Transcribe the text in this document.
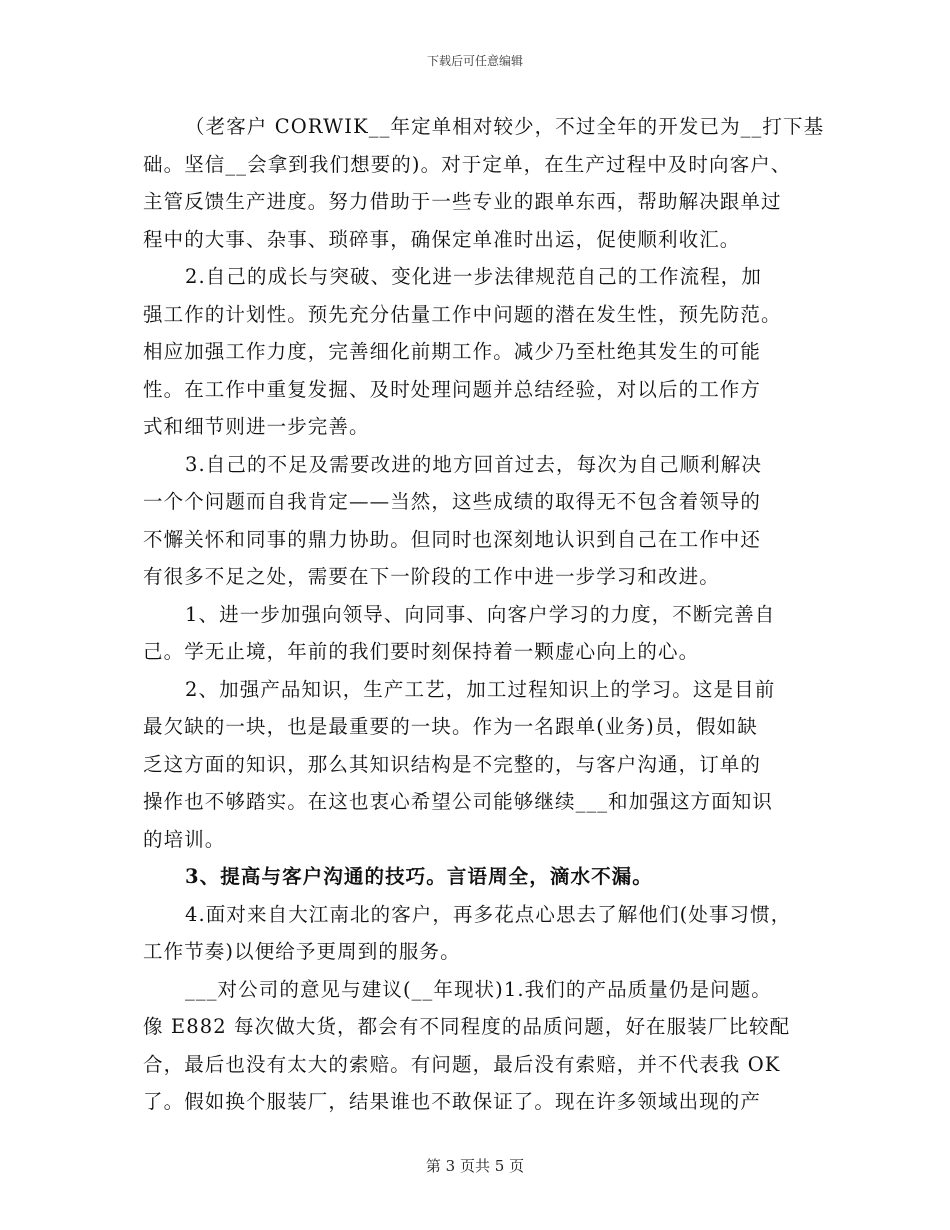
下载后可任意编辑
（老客户 CORWIK__年定单相对较少，不过全年的开发已为__打下基
础。坚信__会拿到我们想要的)。对于定单，在生产过程中及时向客户、
主管反馈生产进度。努力借助于一些专业的跟单东西，帮助解决跟单过
程中的大事、杂事、琐碎事，确保定单准时出运，促使顺利收汇。
2.自己的成长与突破、变化进一步法律规范自己的工作流程，加
强工作的计划性。预先充分估量工作中问题的潜在发生性，预先防范。
相应加强工作力度，完善细化前期工作。减少乃至杜绝其发生的可能
性。在工作中重复发掘、及时处理问题并总结经验，对以后的工作方
式和细节则进一步完善。
3.自己的不足及需要改进的地方回首过去，每次为自己顺利解决
一个个问题而自我肯定——当然，这些成绩的取得无不包含着领导的
不懈关怀和同事的鼎力协助。但同时也深刻地认识到自己在工作中还
有很多不足之处，需要在下一阶段的工作中进一步学习和改进。
1、进一步加强向领导、向同事、向客户学习的力度，不断完善自
己。学无止境，年前的我们要时刻保持着一颗虚心向上的心。
2、加强产品知识，生产工艺，加工过程知识上的学习。这是目前
最欠缺的一块，也是最重要的一块。作为一名跟单(业务)员，假如缺
乏这方面的知识，那么其知识结构是不完整的，与客户沟通，订单的
操作也不够踏实。在这也衷心希望公司能够继续___和加强这方面知识
的培训。
3、提高与客户沟通的技巧。言语周全，滴水不漏。
4.面对来自大江南北的客户，再多花点心思去了解他们(处事习惯，
工作节奏)以便给予更周到的服务。
___对公司的意见与建议(__年现状)1.我们的产品质量仍是问题。
像 E882 每次做大货，都会有不同程度的品质问题，好在服装厂比较配
合，最后也没有太大的索赔。有问题，最后没有索赔，并不代表我 OK
了。假如换个服装厂，结果谁也不敢保证了。现在许多领域出现的产
第 3 页共 5 页
